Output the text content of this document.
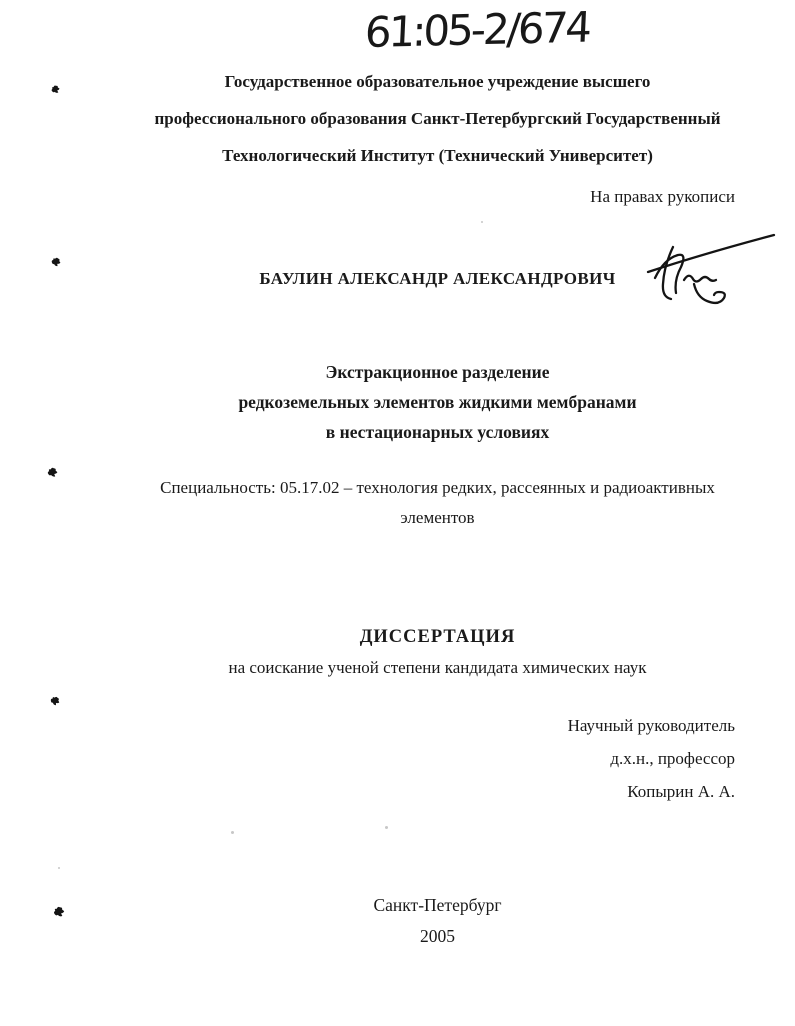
61:05-2/674
Государственное образовательное учреждение высшего
профессионального образования Санкт-Петербургский Государственный
Технологический Институт (Технический Университет)
На правах рукописи
БАУЛИН АЛЕКСАНДР АЛЕКСАНДРОВИЧ
Экстракционное разделение
редкоземельных элементов жидкими мембранами
в нестационарных условиях
Специальность: 05.17.02 – технология редких, рассеянных и радиоактивных
элементов
ДИССЕРТАЦИЯ
на соискание ученой степени кандидата химических наук
Научный руководитель
д.х.н., профессор
Копырин А. А.
Санкт-Петербург
2005
